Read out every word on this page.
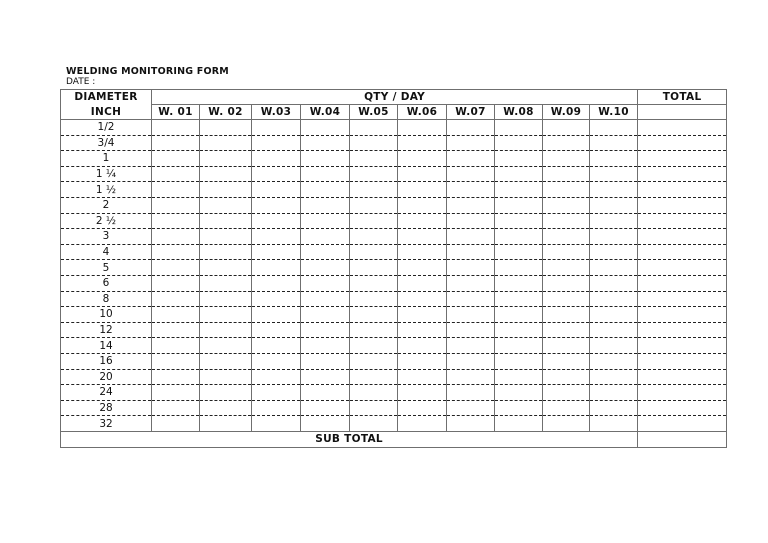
WELDING MONITORING FORM
DATE :
DIAMETER	QTY / DAY										TOTAL
INCH	W. 01	W. 02	W.03	W.04	W.05	W.06	W.07	W.08	W.09	W.10	
1/2											
3/4											
1											
1 ¼											
1 ½											
2											
2 ½											
3											
4											
5											
6											
8											
10											
12											
14											
16											
20											
24											
28											
32											
SUB TOTAL											
